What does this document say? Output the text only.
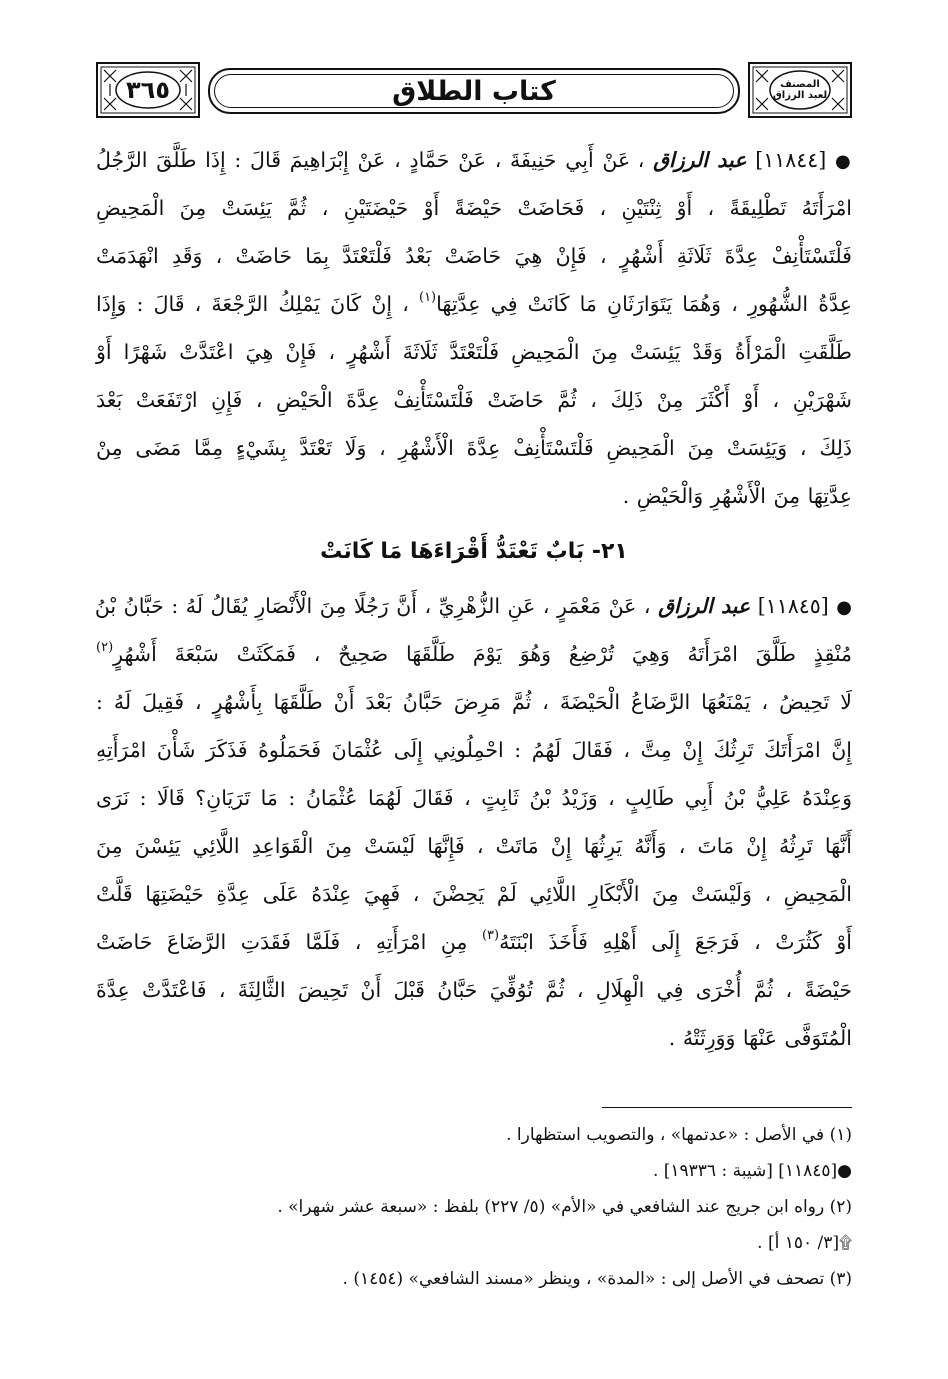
٣٦٥	كتاب الطلاق	المصنف
لعبد الرزاق
● [١١٨٤٤] عبد الرزاق ، عَنْ أَبِي حَنِيفَةَ ، عَنْ حَمَّادٍ ، عَنْ إِبْرَاهِيمَ قَالَ : إِذَا طَلَّقَ الرَّجُلُ
امْرَأَتَهُ تَطْلِيقَةً ، أَوْ ثِنْتَيْنِ ، فَحَاضَتْ حَيْضَةً أَوْ حَيْضَتَيْنِ ، ثُمَّ يَئِسَتْ مِنَ الْمَحِيضِ
فَلْتَسْتَأْنِفْ عِدَّةَ ثَلَاثَةِ أَشْهُرٍ ، فَإِنْ هِيَ حَاضَتْ بَعْدُ فَلْتَعْتَدَّ بِمَا حَاضَتْ ، وَقَدِ انْهَدَمَتْ
عِدَّةُ الشُّهُورِ ، وَهُمَا يَتَوَارَثَانِ مَا كَانَتْ فِي عِدَّتِهَا$^{(١)}$ ، إِنْ كَانَ يَمْلِكُ الرَّجْعَةَ ، قَالَ : وَإِذَا
طَلَّقَتِ الْمَرْأَةُ وَقَدْ يَئِسَتْ مِنَ الْمَحِيضِ فَلْتَعْتَدَّ ثَلَاثَةَ أَشْهُرٍ ، فَإِنْ هِيَ اعْتَدَّتْ شَهْرًا أَوْ
شَهْرَيْنِ ، أَوْ أَكْثَرَ مِنْ ذَلِكَ ، ثُمَّ حَاضَتْ فَلْتَسْتَأْنِفْ عِدَّةَ الْحَيْضِ ، فَإِنِ ارْتَفَعَتْ بَعْدَ
ذَلِكَ ، وَيَئِسَتْ مِنَ الْمَحِيضِ فَلْتَسْتَأْنِفْ عِدَّةَ الْأَشْهُرِ ، وَلَا تَعْتَدَّ بِشَيْءٍ مِمَّا مَضَى مِنْ
عِدَّتِهَا مِنَ الْأَشْهُرِ وَالْحَيْضِ .
٢١- بَابٌ تَعْتَدُّ أَقْرَاءَهَا مَا كَانَتْ
● [١١٨٤٥] عبد الرزاق ، عَنْ مَعْمَرٍ ، عَنِ الزُّهْرِيِّ ، أَنَّ رَجُلًا مِنَ الْأَنْصَارِ يُقَالُ لَهُ : حَبَّانُ بْنُ
مُنْقِذٍ طَلَّقَ امْرَأَتَهُ وَهِيَ تُرْضِعُ وَهُوَ يَوْمَ طَلَّقَهَا صَحِيحٌ ، فَمَكَثَتْ سَبْعَةَ أَشْهُرٍ$^{(٢)}$
لَا تَحِيضُ ، يَمْنَعُهَا الرَّضَاعُ الْحَيْضَةَ ، ثُمَّ مَرِضَ حَبَّانُ بَعْدَ أَنْ طَلَّقَهَا بِأَشْهُرٍ ، فَقِيلَ لَهُ :
إِنَّ امْرَأَتَكَ تَرِثُكَ إِنْ مِتَّ ، فَقَالَ لَهُمُ : احْمِلُونِي إِلَى عُثْمَانَ فَحَمَلُوهُ فَذَكَرَ شَأْنَ امْرَأَتِهِ
وَعِنْدَهُ عَلِيُّ بْنُ أَبِي طَالِبٍ ، وَزَيْدُ بْنُ ثَابِتٍ ، فَقَالَ لَهُمَا عُثْمَانُ : مَا تَرَيَانِ؟ قَالَا : نَرَى
أَنَّهَا تَرِثُهُ إِنْ مَاتَ ، وَأَنَّهُ يَرِثُهَا إِنْ مَاتَتْ ، فَإِنَّهَا لَيْسَتْ مِنَ الْقَوَاعِدِ اللَّائِي يَئِسْنَ مِنَ
الْمَحِيضِ ، وَلَيْسَتْ مِنَ الْأَبْكَارِ اللَّائِي لَمْ يَحِضْنَ ، فَهِيَ عِنْدَهُ عَلَى عِدَّةِ حَيْضَتِهَا قَلَّتْ
أَوْ كَثُرَتْ ، فَرَجَعَ إِلَى أَهْلِهِ فَأَخَذَ ابْنَتَهُ$^{(٣)}$ مِنِ امْرَأَتِهِ ، فَلَمَّا فَقَدَتِ الرَّضَاعَ حَاضَتْ
حَيْضَةً ، ثُمَّ أُخْرَى فِي الْهِلَالِ ، ثُمَّ تُوُفِّيَ حَبَّانُ قَبْلَ أَنْ تَحِيضَ الثَّالِثَةَ ، فَاعْتَدَّتْ عِدَّةَ
الْمُتَوَفَّى عَنْهَا وَوَرِثَتْهُ .
(١) في الأصل : «عدتمها» ، والتصويب استظهارا .
●[١١٨٤٥] [شيبة : ١٩٣٣٦] .
(٢) رواه ابن جريج عند الشافعي في «الأم» (٥/ ٢٢٧) بلفظ : «سبعة عشر شهرا» .
۩[٣/ ١٥٠ أ] .
(٣) تصحف في الأصل إلى : «المدة» ، وينظر «مسند الشافعي» (١٤٥٤) .
